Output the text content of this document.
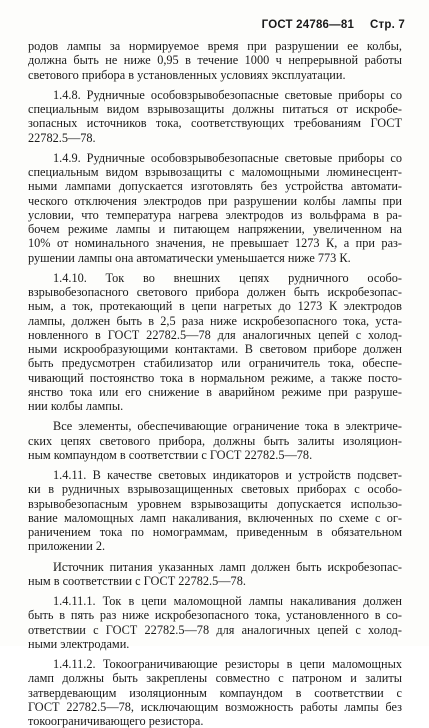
ГОСТ 24786—81 Стр. 7
родов лампы за нормируемое время при разрушении ее колбы,
должна быть не ниже 0,95 в течение 1000 ч непрерывной работы
светового прибора в установленных условиях эксплуатации.
1.4.8. Рудничные особовзрывобезопасные световые приборы со
специальным видом взрывозащиты должны питаться от искробе-
зопасных источников тока, соответствующих требованиям ГОСТ
22782.5—78.
1.4.9. Рудничные особовзрывобезопасные световые приборы со
специальным видом взрывозащиты с маломощными люминесцент-
ными лампами допускается изготовлять без устройства автомати-
ческого отключения электродов при разрушении колбы лампы при
условии, что температура нагрева электродов из вольфрама в ра-
бочем режиме лампы и питающем напряжении, увеличенном на
10% от номинального значения, не превышает 1273 К, а при раз-
рушении лампы она автоматически уменьшается ниже 773 К.
1.4.10. Ток во внешних цепях рудничного особо-
взрывобезопасного светового прибора должен быть искробезопас-
ным, а ток, протекающий в цепи нагретых до 1273 К электродов
лампы, должен быть в 2,5 раза ниже искробезопасного тока, уста-
новленного в ГОСТ 22782.5—78 для аналогичных цепей с холод-
ными искрообразующими контактами. В световом приборе должен
быть предусмотрен стабилизатор или ограничитель тока, обеспе-
чивающий постоянство тока в нормальном режиме, а также посто-
янство тока или его снижение в аварийном режиме при разруше-
нии колбы лампы.
Все элементы, обеспечивающие ограничение тока в электриче-
ских цепях светового прибора, должны быть залиты изоляцион-
ным компаундом в соответствии с ГОСТ 22782.5—78.
1.4.11. В качестве световых индикаторов и устройств подсвет-
ки в рудничных взрывозащищенных световых приборах с особо-
взрывобезопасным уровнем взрывозащиты допускается использо-
вание маломощных ламп накаливания, включенных по схеме с ог-
раничением тока по номограммам, приведенным в обязательном
приложении 2.
Источник питания указанных ламп должен быть искробезопас-
ным в соответствии с ГОСТ 22782.5—78.
1.4.11.1. Ток в цепи маломощной лампы накаливания должен
быть в пять раз ниже искробезопасного тока, установленного в со-
ответствии с ГОСТ 22782.5—78 для аналогичных цепей с холод-
ными электродами.
1.4.11.2. Токоограничивающие резисторы в цепи маломощных
ламп должны быть закреплены совместно с патроном и залиты
затвердевающим изоляционным компаундом в соответствии с
ГОСТ 22782.5—78, исключающим возможность работы лампы без
токоограничивающего резистора.
